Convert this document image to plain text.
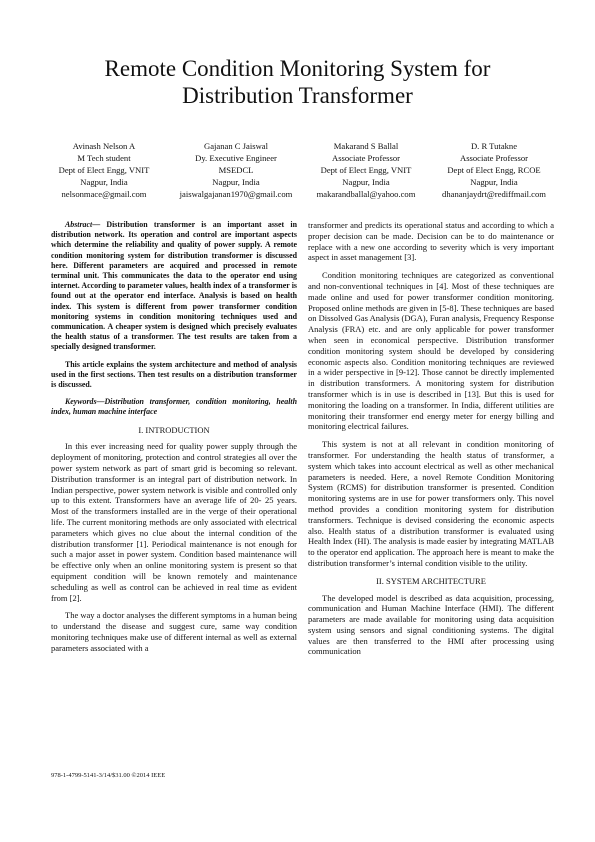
Remote Condition Monitoring System for
Distribution Transformer
Avinash Nelson A
M Tech student
Dept of Elect Engg, VNIT
Nagpur, India
nelsonmace@gmail.com
Gajanan C Jaiswal
Dy. Executive Engineer
MSEDCL
Nagpur, India
jaiswalgajanan1970@gmail.com
Makarand S Ballal
Associate Professor
Dept of Elect Engg, VNIT
Nagpur, India
makarandballal@yahoo.com
D. R Tutakne
Associate Professor
Dept of Elect Engg, RCOE
Nagpur, India
dhananjaydrt@rediffmail.com

Abstract— Distribution transformer is an important asset in distribution network. Its operation and control are important aspects which determine the reliability and quality of power supply. A remote condition monitoring system for distribution transformer is discussed here. Different parameters are acquired and processed in remote terminal unit. This communicates the data to the operator end using internet. According to parameter values, health index of a transformer is found out at the operator end interface. Analysis is based on health index. This system is different from power transformer condition monitoring systems in condition monitoring techniques used and communication. A cheaper system is designed which precisely evaluates the health status of a transformer. The test results are taken from a specially designed transformer.

This article explains the system architecture and method of analysis used in the first sections. Then test results on a distribution transformer is discussed.

Keywords—Distribution transformer, condition monitoring, health index, human machine interface

I. INTRODUCTION

In this ever increasing need for quality power supply through the deployment of monitoring, protection and control strategies all over the power system network as part of smart grid is becoming so relevant. Distribution transformer is an integral part of distribution network. In Indian perspective, power system network is visible and controlled only up to this extent. Transformers have an average life of 20- 25 years. Most of the transformers installed are in the verge of their operational life. The current monitoring methods are only associated with electrical parameters which gives no clue about the internal condition of the distribution transformer [1]. Periodical maintenance is not enough for such a major asset in power system. Condition based maintenance will be effective only when an online monitoring system is present so that equipment condition will be known remotely and maintenance scheduling as well as control can be achieved in real time as evident from [2].

The way a doctor analyses the different symptoms in a human being to understand the disease and suggest cure, same way condition monitoring techniques make use of different internal as well as external parameters associated with a

transformer and predicts its operational status and according to which a proper decision can be made. Decision can be to do maintenance or replace with a new one according to severity which is very important aspect in asset management [3].

Condition monitoring techniques are categorized as conventional and non-conventional techniques in [4]. Most of these techniques are made online and used for power transformer condition monitoring. Proposed online methods are given in [5-8]. These techniques are based on Dissolved Gas Analysis (DGA), Furan analysis, Frequency Response Analysis (FRA) etc. and are only applicable for power transformer when seen in economical perspective. Distribution transformer condition monitoring system should be developed by considering economic aspects also. Condition monitoring techniques are reviewed in a wider perspective in [9-12]. Those cannot be directly implemented in distribution transformers. A monitoring system for distribution transformer which is in use is described in [13]. But this is used for monitoring the loading on a transformer. In India, different utilities are monitoring their transformer end energy meter for energy billing and monitoring electrical failures.

This system is not at all relevant in condition monitoring of transformer. For understanding the health status of transformer, a system which takes into account electrical as well as other mechanical parameters is needed. Here, a novel Remote Condition Monitoring System (RCMS) for distribution transformer is presented. Condition monitoring systems are in use for power transformers only. This novel method provides a condition monitoring system for distribution transformers. Technique is devised considering the economic aspects also. Health status of a distribution transformer is evaluated using Health Index (HI). The analysis is made easier by integrating MATLAB to the operator end application. The approach here is meant to make the distribution transformer’s internal condition visible to the utility.

II. SYSTEM ARCHITECTURE

The developed model is described as data acquisition, processing, communication and Human Machine Interface (HMI). The different parameters are made available for monitoring using data acquisition system using sensors and signal conditioning systems. The digital values are then transferred to the HMI after processing using communication

978-1-4799-5141-3/14/$31.00 ©2014 IEEE
